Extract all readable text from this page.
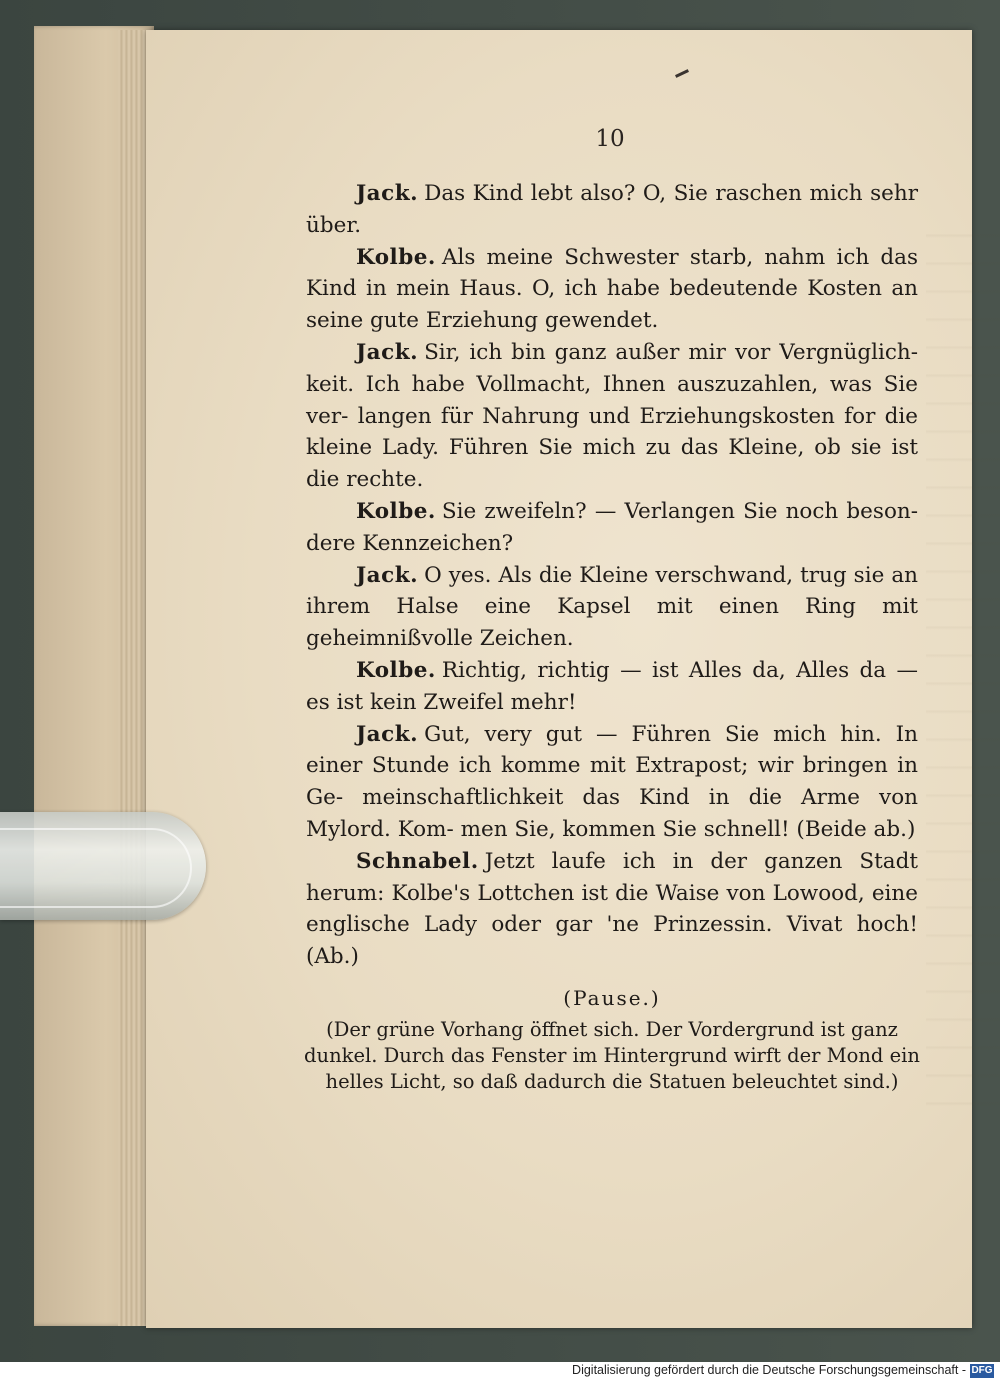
10

Jack. Das Kind lebt also? O, Sie raschen mich sehr über.

Kolbe. Als meine Schwester starb, nahm ich das Kind in mein Haus. O, ich habe bedeutende Kosten an seine gute Erziehung gewendet.

Jack. Sir, ich bin ganz außer mir vor Vergnüglich- keit. Ich habe Vollmacht, Ihnen auszuzahlen, was Sie ver- langen für Nahrung und Erziehungskosten for die kleine Lady. Führen Sie mich zu das Kleine, ob sie ist die rechte.

Kolbe. Sie zweifeln? — Verlangen Sie noch beson- dere Kennzeichen?

Jack. O yes. Als die Kleine verschwand, trug sie an ihrem Halse eine Kapsel mit einen Ring mit geheimnißvolle Zeichen.

Kolbe. Richtig, richtig — ist Alles da, Alles da — es ist kein Zweifel mehr!

Jack. Gut, very gut — Führen Sie mich hin. In einer Stunde ich komme mit Extrapost; wir bringen in Ge- meinschaftlichkeit das Kind in die Arme von Mylord. Kom- men Sie, kommen Sie schnell! (Beide ab.)

Schnabel. Jetzt laufe ich in der ganzen Stadt herum: Kolbe's Lottchen ist die Waise von Lowood, eine englische Lady oder gar 'ne Prinzessin. Vivat hoch! (Ab.)

(Pause.)
(Der grüne Vorhang öffnet sich. Der Vordergrund ist ganz dunkel. Durch das Fenster im Hintergrund wirft der Mond ein helles Licht, so daß dadurch die Statuen beleuchtet sind.)
Digitalisierung gefördert durch die Deutsche Forschungsgemeinschaft - DFG
